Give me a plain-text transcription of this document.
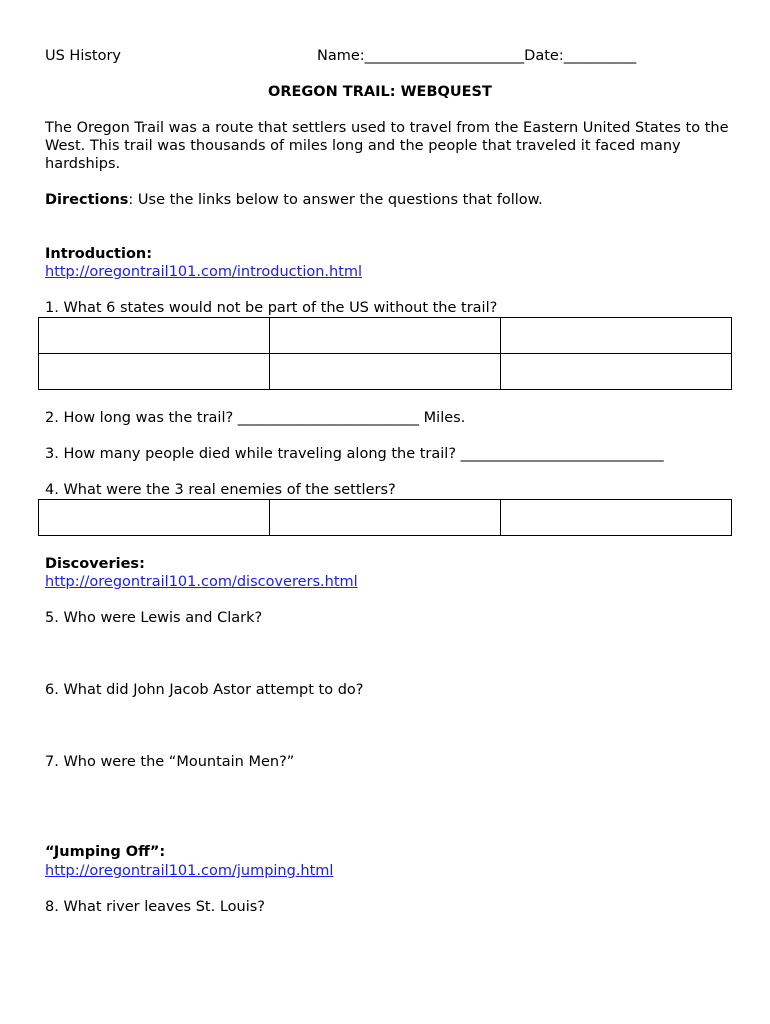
US History	Name:______________________Date:__________
OREGON TRAIL: WEBQUEST
The Oregon Trail was a route that settlers used to travel from the Eastern United States to the West. This trail was thousands of miles long and the people that traveled it faced many hardships.
Directions: Use the links below to answer the questions that follow.
Introduction:
http://oregontrail101.com/introduction.html
1. What 6 states would not be part of the US without the trail?

2. How long was the trail? _________________________ Miles.
3. How many people died while traveling along the trail? ____________________________
4. What were the 3 real enemies of the settlers?

Discoveries:
http://oregontrail101.com/discoverers.html
5. Who were Lewis and Clark?
6. What did John Jacob Astor attempt to do?
7. Who were the “Mountain Men?”
“Jumping Off”:
http://oregontrail101.com/jumping.html
8. What river leaves St. Louis?
